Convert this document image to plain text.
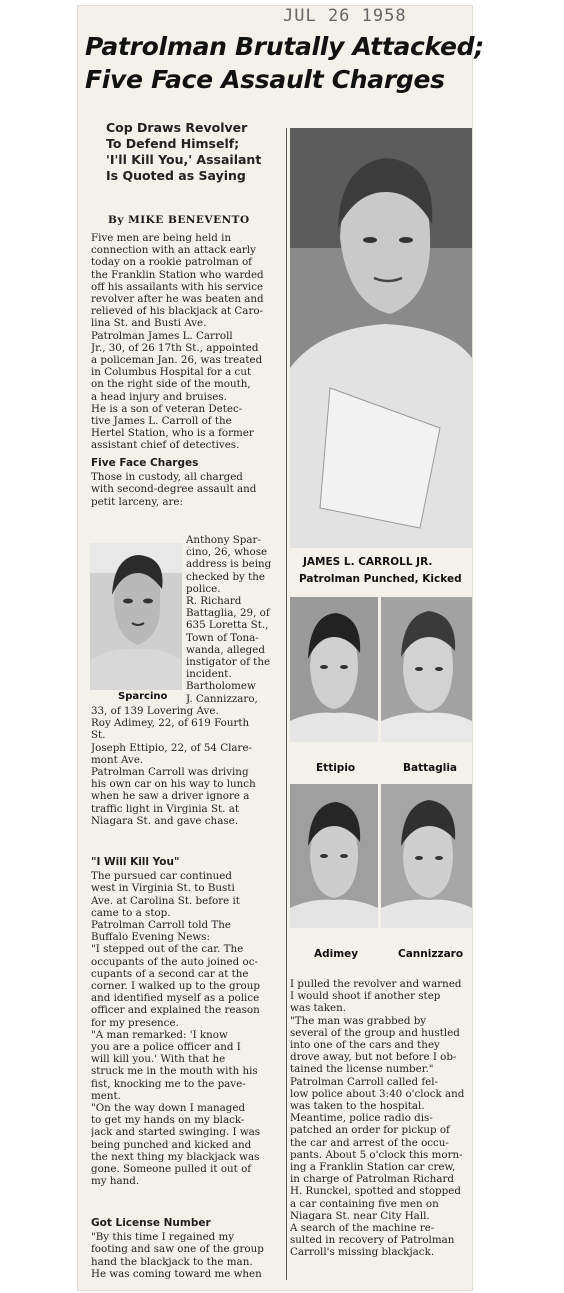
JUL 26 1958
Patrolman Brutally Attacked;
Five Face Assault Charges
Cop Draws Revolver
To Defend Himself;
'I'll Kill You,' Assailant
Is Quoted as Saying
By MIKE BENEVENTO
Five men are being held in
connection with an attack early
today on a rookie patrolman of
the Franklin Station who warded
off his assailants with his service
revolver after he was beaten and
relieved of his blackjack at Caro-
lina St. and Busti Ave.
Patrolman James L. Carroll
Jr., 30, of 26 17th St., appointed
a policeman Jan. 26, was treated
in Columbus Hospital for a cut
on the right side of the mouth,
a head injury and bruises.
He is a son of veteran Detec-
tive James L. Carroll of the
Hertel Station, who is a former
assistant chief of detectives.
Five Face Charges
Those in custody, all charged
with second-degree assault and
petit larceny, are:
Sparcino
Anthony Spar-
cino, 26, whose
address is being
checked by the
police.
R. Richard
Battaglia, 29, of
635 Loretta St.,
Town of Tona-
wanda, alleged
instigator of the
incident.
Bartholomew
J. Cannizzaro,
33, of 139 Lovering Ave.
Roy Adimey, 22, of 619 Fourth
St.
Joseph Ettipio, 22, of 54 Clare-
mont Ave.
Patrolman Carroll was driving
his own car on his way to lunch
when he saw a driver ignore a
traffic light in Virginia St. at
Niagara St. and gave chase.
"I Will Kill You"
The pursued car continued
west in Virginia St. to Busti
Ave. at Carolina St. before it
came to a stop.
Patrolman Carroll told The
Buffalo Evening News:
"I stepped out of the car. The
occupants of the auto joined oc-
cupants of a second car at the
corner. I walked up to the group
and identified myself as a police
officer and explained the reason
for my presence.
"A man remarked: 'I know
you are a police officer and I
will kill you.' With that he
struck me in the mouth with his
fist, knocking me to the pave-
ment.
"On the way down I managed
to get my hands on my black-
jack and started swinging. I was
being punched and kicked and
the next thing my blackjack was
gone. Someone pulled it out of
my hand.
Got License Number
"By this time I regained my
footing and saw one of the group
hand the blackjack to the man.
He was coming toward me when
JAMES L. CARROLL JR.
Patrolman Punched, Kicked
Ettipio	Battaglia
Adimey	Cannizzaro
I pulled the revolver and warned
I would shoot if another step
was taken.
"The man was grabbed by
several of the group and hustled
into one of the cars and they
drove away, but not before I ob-
tained the license number."
Patrolman Carroll called fel-
low police about 3:40 o'clock and
was taken to the hospital.
Meantime, police radio dis-
patched an order for pickup of
the car and arrest of the occu-
pants. About 5 o'clock this morn-
ing a Franklin Station car crew,
in charge of Patrolman Richard
H. Runckel, spotted and stopped
a car containing five men on
Niagara St. near City Hall.
A search of the machine re-
sulted in recovery of Patrolman
Carroll's missing blackjack.
